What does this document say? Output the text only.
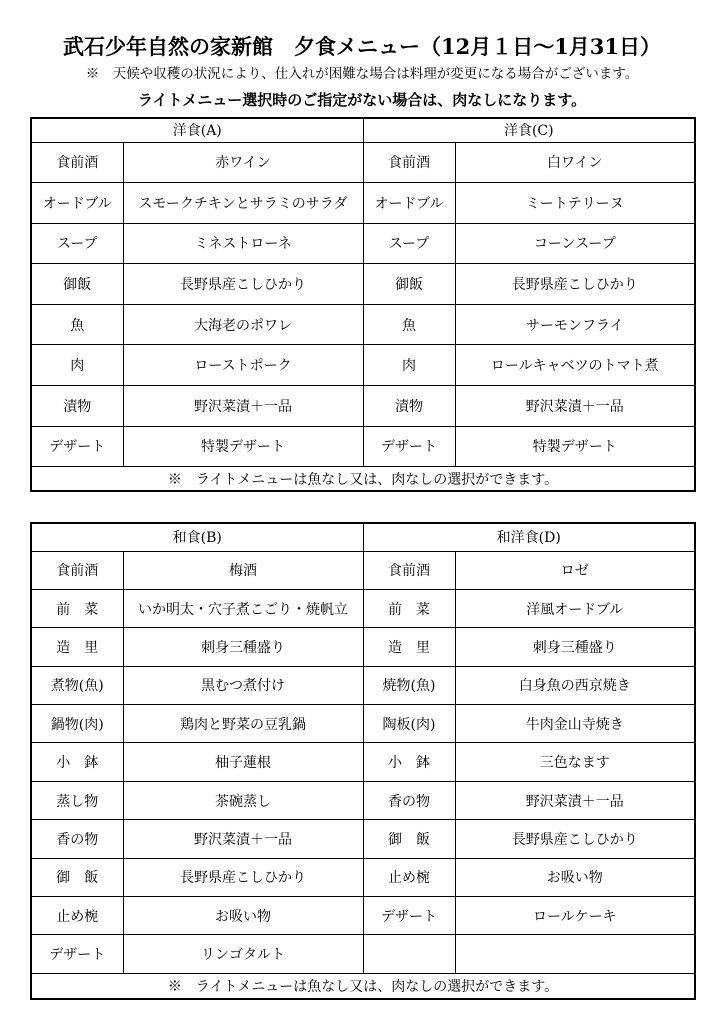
武石少年自然の家新館　夕食メニュー（12月１日～1月31日）
※　天候や収穫の状況により、仕入れが困難な場合は料理が変更になる場合がございます。
ライトメニュー選択時のご指定がない場合は、肉なしになります。
洋食(A)		洋食(C)	
食前酒	赤ワイン	食前酒	白ワイン
オードブル	スモークチキンとサラミのサラダ	オードブル	ミートテリーヌ
スープ	ミネストローネ	スープ	コーンスープ
御飯	長野県産こしひかり	御飯	長野県産こしひかり
魚	大海老のポワレ	魚	サーモンフライ
肉	ローストポーク	肉	ロールキャベツのトマト煮
漬物	野沢菜漬＋一品	漬物	野沢菜漬＋一品
デザート	特製デザート	デザート	特製デザート
※　ライトメニューは魚なし又は、肉なしの選択ができます。			
和食(B)		和洋食(D)	
食前酒	梅酒	食前酒	ロゼ
前　菜	いか明太・穴子煮こごり・焼帆立	前　菜	洋風オードブル
造　里	刺身三種盛り	造　里	刺身三種盛り
煮物(魚)	黒むつ煮付け	焼物(魚)	白身魚の西京焼き
鍋物(肉)	鶏肉と野菜の豆乳鍋	陶板(肉)	牛肉金山寺焼き
小　鉢	柚子蓮根	小　鉢	三色なます
蒸し物	茶碗蒸し	香の物	野沢菜漬＋一品
香の物	野沢菜漬＋一品	御　飯	長野県産こしひかり
御　飯	長野県産こしひかり	止め椀	お吸い物
止め椀	お吸い物	デザート	ロールケーキ
デザート	リンゴタルト		
※　ライトメニューは魚なし又は、肉なしの選択ができます。			
